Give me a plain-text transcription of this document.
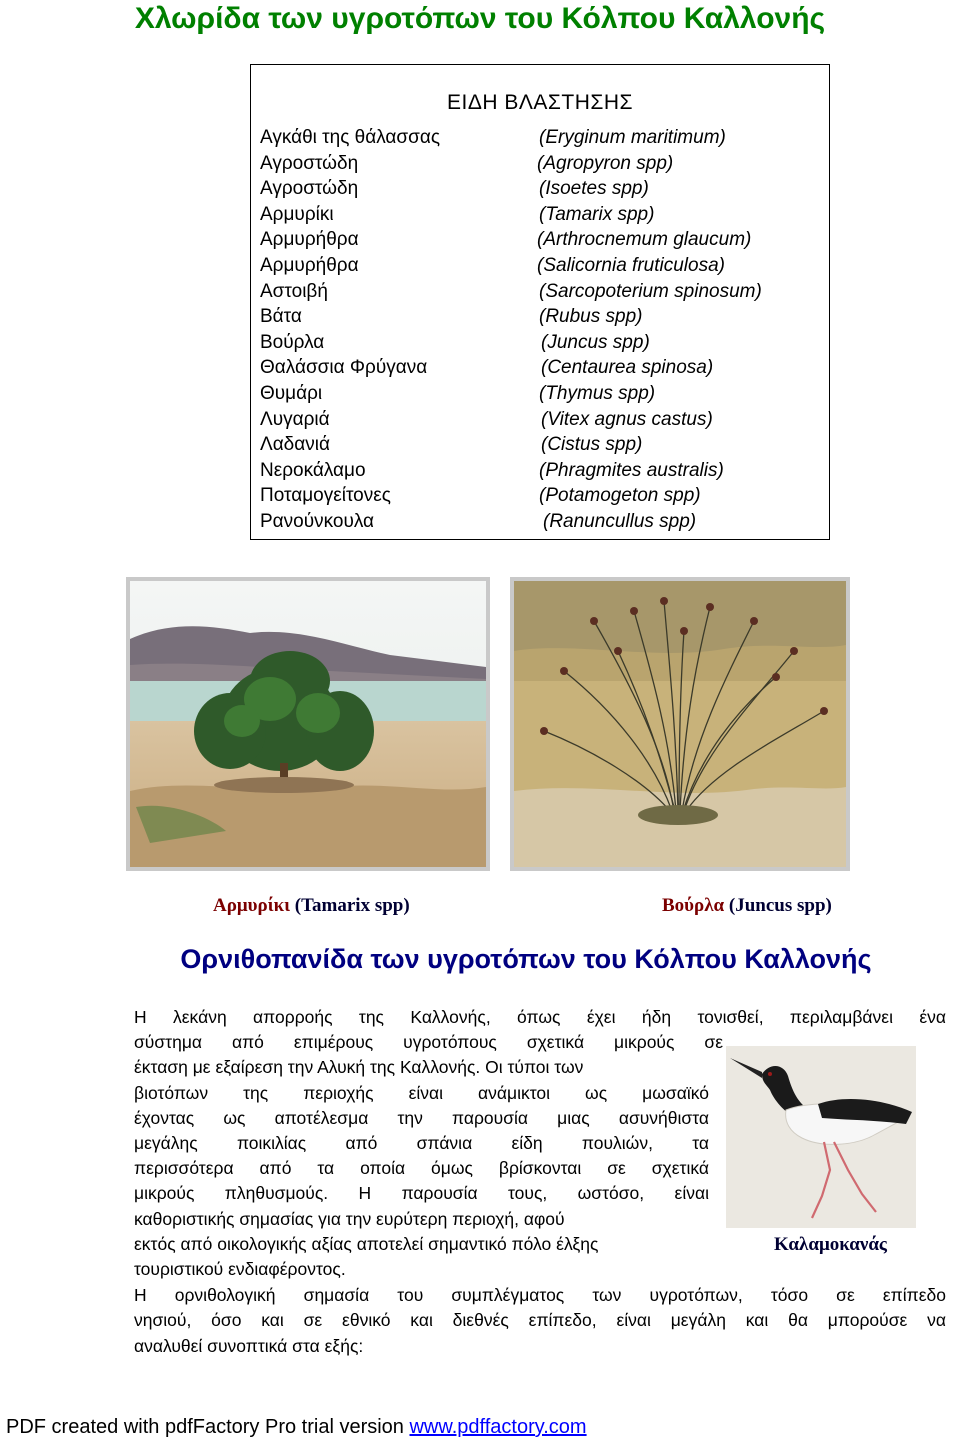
Χλωρίδα των υγροτόπων του Κόλπου Καλλονής
ΕΙΔΗ ΒΛΑΣΤΗΣΗΣ
Αγκάθι της θάλασσας	(Eryginum maritimum)
Αγροστώδη	(Agropyron spp)
Αγροστώδη	(Isoetes spp)
Αρμυρίκι	(Tamarix spp)
Αρμυρήθρα	(Arthrocnemum glaucum)
Αρμυρήθρα	(Salicornia fruticulosa)
Αστοιβή	(Sarcopoterium spinosum)
Βάτα	(Rubus spp)
Βούρλα	(Juncus spp)
Θαλάσσια Φρύγανα	(Centaurea spinosa)
Θυμάρι	(Thymus spp)
Λυγαριά	(Vitex agnus castus)
Λαδανιά	(Cistus spp)
Νεροκάλαμο	(Phragmites australis)
Ποταμογείτονες	(Potamogeton spp)
Ρανούνκουλα	(Ranuncullus spp)
Αρμυρίκι (Tamarix spp)	Βούρλα (Juncus spp)
Ορνιθοπανίδα των υγροτόπων του Κόλπου Καλλονής
Καλαμοκανάς
Η λεκάνη απορροής της Καλλονής, όπως έχει ήδη τονισθεί, περιλαμβάνει ένα
σύστημα από επιμέρους υγροτόπους σχετικά μικρούς σε
έκταση με εξαίρεση την Αλυκή της Καλλονής. Οι τύποι των
βιοτόπων της περιοχής είναι ανάμικτοι ως μωσαϊκό
έχοντας ως αποτέλεσμα την παρουσία μιας ασυνήθιστα
μεγάλης ποικιλίας από σπάνια είδη πουλιών, τα
περισσότερα από τα οποία όμως βρίσκονται σε σχετικά
μικρούς πληθυσμούς. Η παρουσία τους, ωστόσο, είναι
καθοριστικής σημασίας για την ευρύτερη περιοχή, αφού
εκτός από οικολογικής αξίας αποτελεί σημαντικό πόλο έλξης
τουριστικού ενδιαφέροντος.
Η ορνιθολογική σημασία του συμπλέγματος των υγροτόπων, τόσο σε επίπεδο
νησιού, όσο και σε εθνικό και διεθνές επίπεδο, είναι μεγάλη και θα μπορούσε να
αναλυθεί συνοπτικά στα εξής:
PDF created with pdfFactory Pro trial version www.pdffactory.com
